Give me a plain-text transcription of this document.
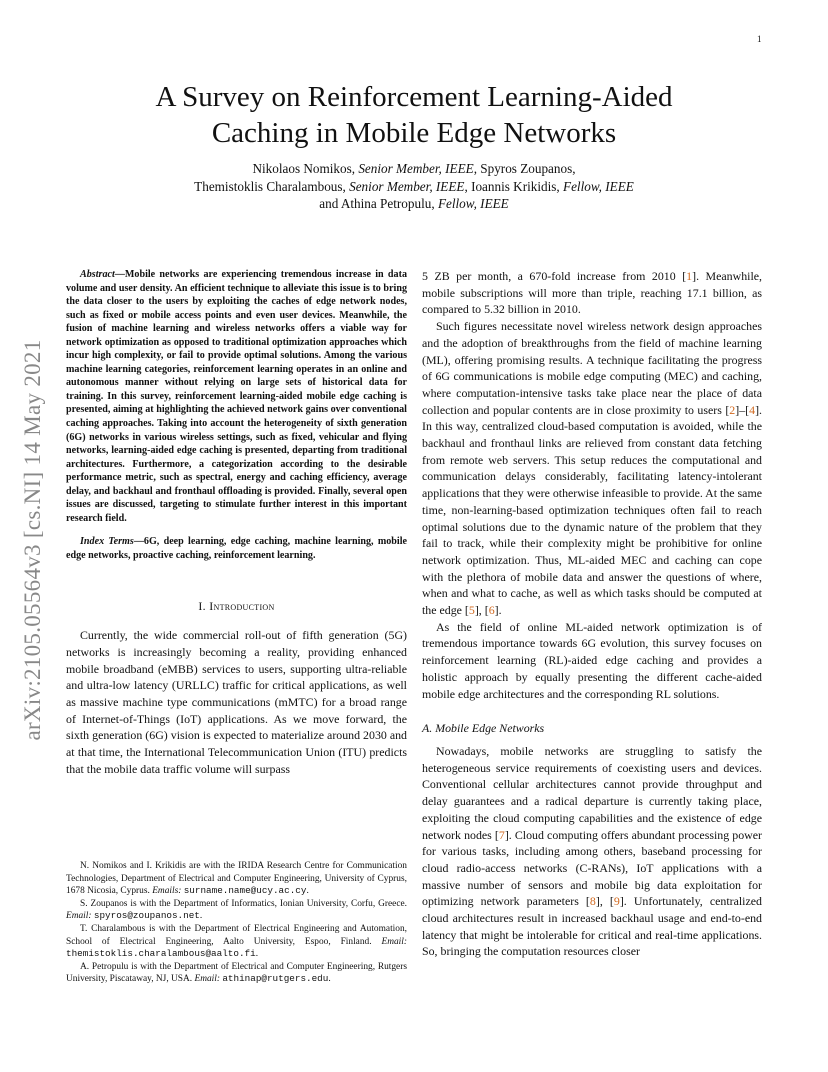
1
arXiv:2105.05564v3 [cs.NI] 14 May 2021
A Survey on Reinforcement Learning-Aided
Caching in Mobile Edge Networks
Nikolaos Nomikos, Senior Member, IEEE, Spyros Zoupanos,
Themistoklis Charalambous, Senior Member, IEEE, Ioannis Krikidis, Fellow, IEEE
and Athina Petropulu, Fellow, IEEE

Abstract—Mobile networks are experiencing tremendous increase in data volume and user density. An efficient technique to alleviate this issue is to bring the data closer to the users by exploiting the caches of edge network nodes, such as fixed or mobile access points and even user devices. Meanwhile, the fusion of machine learning and wireless networks offers a viable way for network optimization as opposed to traditional optimization approaches which incur high complexity, or fail to provide optimal solutions. Among the various machine learning categories, reinforcement learning operates in an online and autonomous manner without relying on large sets of historical data for training. In this survey, reinforcement learning-aided mobile edge caching is presented, aiming at highlighting the achieved network gains over conventional caching approaches. Taking into account the heterogeneity of sixth generation (6G) networks in various wireless settings, such as fixed, vehicular and flying networks, learning-aided edge caching is presented, departing from traditional architectures. Furthermore, a categorization according to the desirable performance metric, such as spectral, energy and caching efficiency, average delay, and backhaul and fronthaul offloading is provided. Finally, several open issues are discussed, targeting to stimulate further interest in this important research field.

Index Terms—6G, deep learning, edge caching, machine learning, mobile edge networks, proactive caching, reinforcement learning.

I. Introduction

Currently, the wide commercial roll-out of fifth generation (5G) networks is increasingly becoming a reality, providing enhanced mobile broadband (eMBB) services to users, supporting ultra-reliable and ultra-low latency (URLLC) traffic for critical applications, as well as massive machine type communications (mMTC) for a broad range of Internet-of-Things (IoT) applications. As we move forward, the sixth generation (6G) vision is expected to materialize around 2030 and at that time, the International Telecommunication Union (ITU) predicts that the mobile data traffic volume will surpass

N. Nomikos and I. Krikidis are with the IRIDA Research Centre for Communication Technologies, Department of Electrical and Computer Engineering, University of Cyprus, 1678 Nicosia, Cyprus. Emails: surname.name@ucy.ac.cy.

S. Zoupanos is with the Department of Informatics, Ionian University, Corfu, Greece. Email: spyros@zoupanos.net.

T. Charalambous is with the Department of Electrical Engineering and Automation, School of Electrical Engineering, Aalto University, Espoo, Finland. Email: themistoklis.charalambous@aalto.fi.

A. Petropulu is with the Department of Electrical and Computer Engineering, Rutgers University, Piscataway, NJ, USA. Email: athinap@rutgers.edu.

5 ZB per month, a 670-fold increase from 2010 [1]. Meanwhile, mobile subscriptions will more than triple, reaching 17.1 billion, as compared to 5.32 billion in 2010.

Such figures necessitate novel wireless network design approaches and the adoption of breakthroughs from the field of machine learning (ML), offering promising results. A technique facilitating the progress of 6G communications is mobile edge computing (MEC) and caching, where computation-intensive tasks take place near the place of data collection and popular contents are in close proximity to users [2]–[4]. In this way, centralized cloud-based computation is avoided, while the backhaul and fronthaul links are relieved from constant data fetching from remote web servers. This setup reduces the computational and communication delays considerably, facilitating latency-intolerant applications that they were otherwise infeasible to provide. At the same time, non-learning-based optimization techniques often fail to reach optimal solutions due to the dynamic nature of the problem that they fail to track, while their complexity might be prohibitive for online network optimization. Thus, ML-aided MEC and caching can cope with the plethora of mobile data and answer the questions of where, when and what to cache, as well as which tasks should be computed at the edge [5], [6].

As the field of online ML-aided network optimization is of tremendous importance towards 6G evolution, this survey focuses on reinforcement learning (RL)-aided edge caching and provides a holistic approach by equally presenting the different cache-aided mobile edge architectures and the corresponding RL solutions.

A. Mobile Edge Networks

Nowadays, mobile networks are struggling to satisfy the heterogeneous service requirements of coexisting users and devices. Conventional cellular architectures cannot provide throughput and delay guarantees and a radical departure is currently taking place, exploiting the cloud computing capabilities and the existence of edge network nodes [7]. Cloud computing offers abundant processing power for various tasks, including among others, baseband processing for cloud radio-access networks (C-RANs), IoT applications with a massive number of sensors and mobile big data exploitation for optimizing network parameters [8], [9]. Unfortunately, centralized cloud architectures result in increased backhaul usage and end-to-end latency that might be intolerable for critical and real-time applications. So, bringing the computation resources closer
